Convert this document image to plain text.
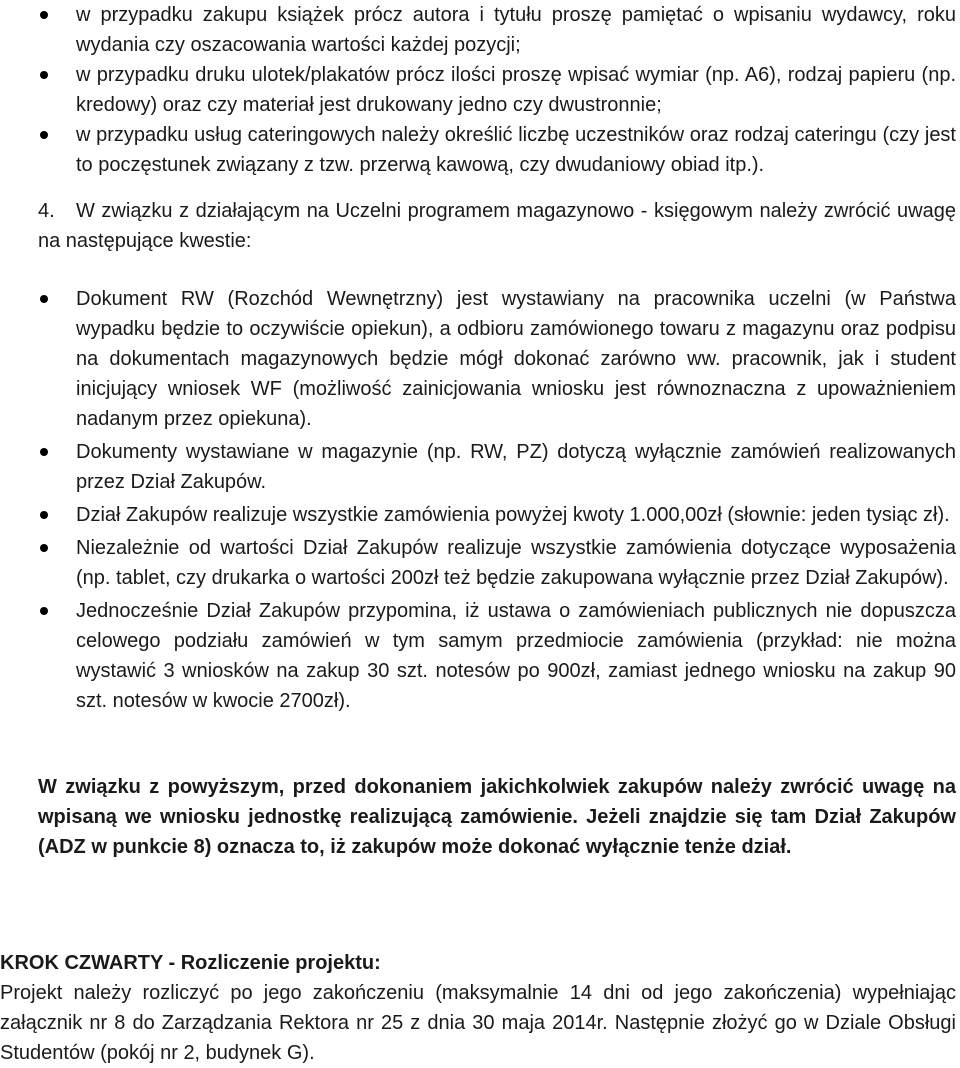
w przypadku zakupu książek prócz autora i tytułu proszę pamiętać o wpisaniu wydawcy, roku wydania czy oszacowania wartości każdej pozycji;
w przypadku druku ulotek/plakatów prócz ilości proszę wpisać wymiar (np. A6), rodzaj papieru (np. kredowy) oraz czy materiał jest drukowany jedno czy dwustronnie;
w przypadku usług cateringowych należy określić liczbę uczestników oraz rodzaj cateringu (czy jest to poczęstunek związany z tzw. przerwą kawową, czy dwudaniowy obiad itp.).

4. W związku z działającym na Uczelni programem magazynowo - księgowym należy zwrócić uwagę na następujące kwestie:

Dokument RW (Rozchód Wewnętrzny) jest wystawiany na pracownika uczelni (w Państwa wypadku będzie to oczywiście opiekun), a odbioru zamówionego towaru z magazynu oraz podpisu na dokumentach magazynowych będzie mógł dokonać zarówno ww. pracownik, jak i student inicjujący wniosek WF (możliwość zainicjowania wniosku jest równoznaczna z upoważnieniem nadanym przez opiekuna).
Dokumenty wystawiane w magazynie (np. RW, PZ) dotyczą wyłącznie zamówień realizowanych przez Dział Zakupów.
Dział Zakupów realizuje wszystkie zamówienia powyżej kwoty 1.000,00zł (słownie: jeden tysiąc zł).
Niezależnie od wartości Dział Zakupów realizuje wszystkie zamówienia dotyczące wyposażenia (np. tablet, czy drukarka o wartości 200zł też będzie zakupowana wyłącznie przez Dział Zakupów).
Jednocześnie Dział Zakupów przypomina, iż ustawa o zamówieniach publicznych nie dopuszcza celowego podziału zamówień w tym samym przedmiocie zamówienia (przykład: nie można wystawić 3 wniosków na zakup 30 szt. notesów po 900zł, zamiast jednego wniosku na zakup 90 szt. notesów w kwocie 2700zł).
W związku z powyższym, przed dokonaniem jakichkolwiek zakupów należy zwrócić uwagę na wpisaną we wniosku jednostkę realizującą zamówienie. Jeżeli znajdzie się tam Dział Zakupów (ADZ w punkcie 8) oznacza to, iż zakupów może dokonać wyłącznie tenże dział.
KROK CZWARTY - Rozliczenie projektu:
Projekt należy rozliczyć po jego zakończeniu (maksymalnie 14 dni od jego zakończenia) wypełniając załącznik nr 8 do Zarządzania Rektora nr 25 z dnia 30 maja 2014r. Następnie złożyć go w Dziale Obsługi Studentów (pokój nr 2, budynek G).
